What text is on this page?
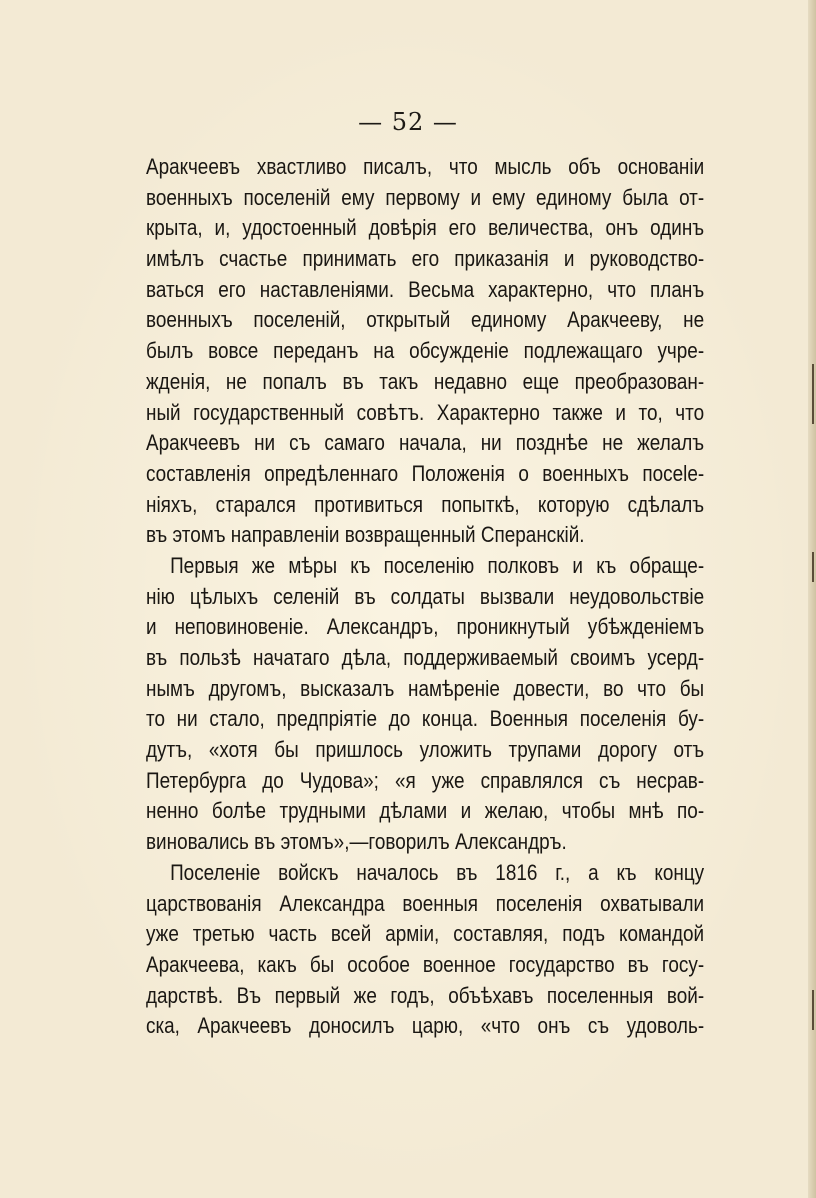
— 52 —
Аракчеевъ хвастливо писалъ, что мысль объ основаніи
военныхъ поселеній ему первому и ему единому была от-
крыта, и, удостоенный довѣрія его величества, онъ одинъ
имѣлъ счастье принимать его приказанія и руководство-
ваться его наставленіями. Весьма характерно, что планъ
военныхъ поселеній, открытый единому Аракчееву, не
былъ вовсе переданъ на обсужденіе подлежащаго учре-
жденія, не попалъ въ такъ недавно еще преобразован-
ный государственный совѣтъ. Характерно также и то, что
Аракчеевъ ни съ самаго начала, ни позднѣе не желалъ
составленія опредѣленнаго Положенія о военныхъ посele-
ніяхъ, старался противиться попыткѣ, которую сдѣлалъ
въ этомъ направленіи возвращенный Сперанскій.
Первыя же мѣры къ поселенію полковъ и къ обраще-
нію цѣлыхъ селеній въ солдаты вызвали неудовольствіе
и неповиновеніе. Александръ, проникнутый убѣжденіемъ
въ пользѣ начатаго дѣла, поддерживаемый своимъ усерд-
нымъ другомъ, высказалъ намѣреніе довести, во что бы
то ни стало, предпріятіе до конца. Военныя поселенія бу-
дутъ, «хотя бы пришлось уложить трупами дорогу отъ
Петербурга до Чудова»; «я уже справлялся съ несрав-
ненно болѣе трудными дѣлами и желаю, чтобы мнѣ по-
виновались въ этомъ»,—говорилъ Александръ.
Поселеніе войскъ началось въ 1816 г., а къ концу
царствованія Александра военныя поселенія охватывали
уже третью часть всей арміи, составляя, подъ командой
Аракчеева, какъ бы особое военное государство въ госу-
дарствѣ. Въ первый же годъ, объѣхавъ поселенныя вой-
ска, Аракчеевъ доносилъ царю, «что онъ съ удоволь-
